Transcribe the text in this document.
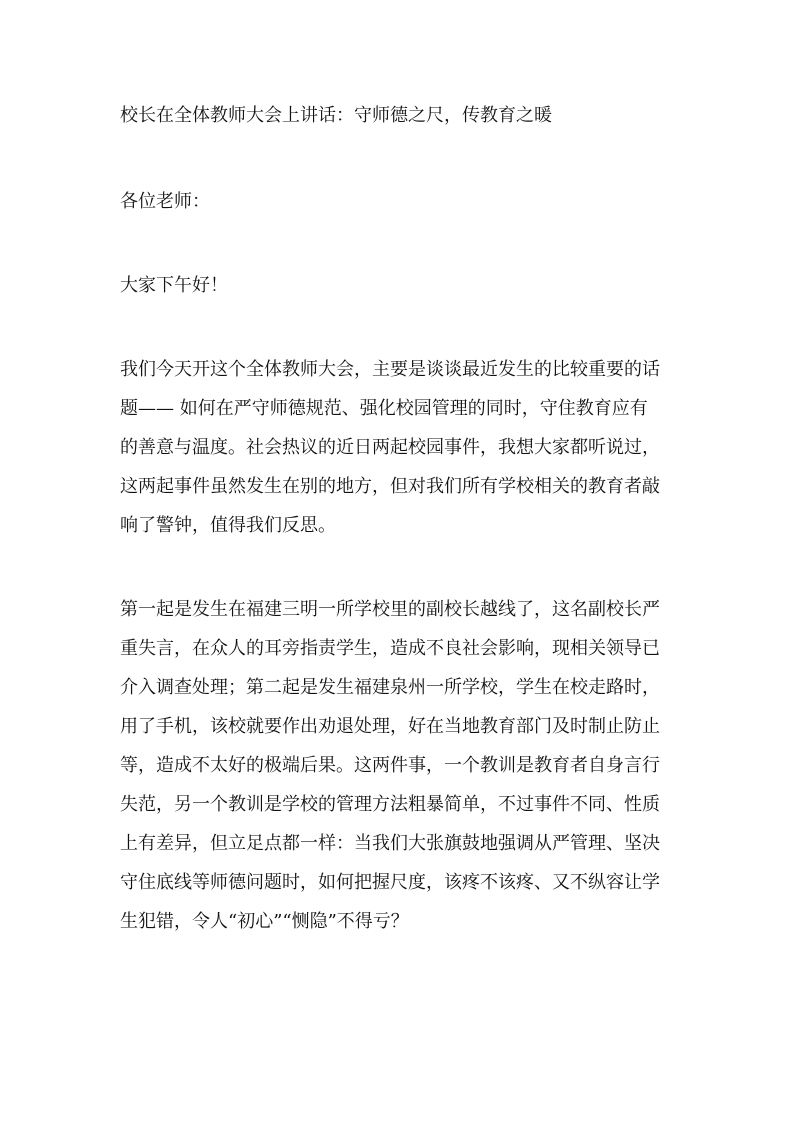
校长在全体教师大会上讲话：守师德之尺，传教育之暖

各位老师：

大家下午好！

我们今天开这个全体教师大会，主要是谈谈最近发生的比较重要的话

题—— 如何在严守师德规范、强化校园管理的同时，守住教育应有

的善意与温度。社会热议的近日两起校园事件，我想大家都听说过，

这两起事件虽然发生在别的地方，但对我们所有学校相关的教育者敲

响了警钟，值得我们反思。

第一起是发生在福建三明一所学校里的副校长越线了，这名副校长严

重失言，在众人的耳旁指责学生，造成不良社会影响，现相关领导已

介入调查处理；第二起是发生福建泉州一所学校，学生在校走路时，

用了手机，该校就要作出劝退处理，好在当地教育部门及时制止防止

等，造成不太好的极端后果。这两件事，一个教训是教育者自身言行

失范，另一个教训是学校的管理方法粗暴简单，不过事件不同、性质

上有差异，但立足点都一样：当我们大张旗鼓地强调从严管理、坚决

守住底线等师德问题时，如何把握尺度，该疼不该疼、又不纵容让学

生犯错，令人“初心”“恻隐”不得亏？
